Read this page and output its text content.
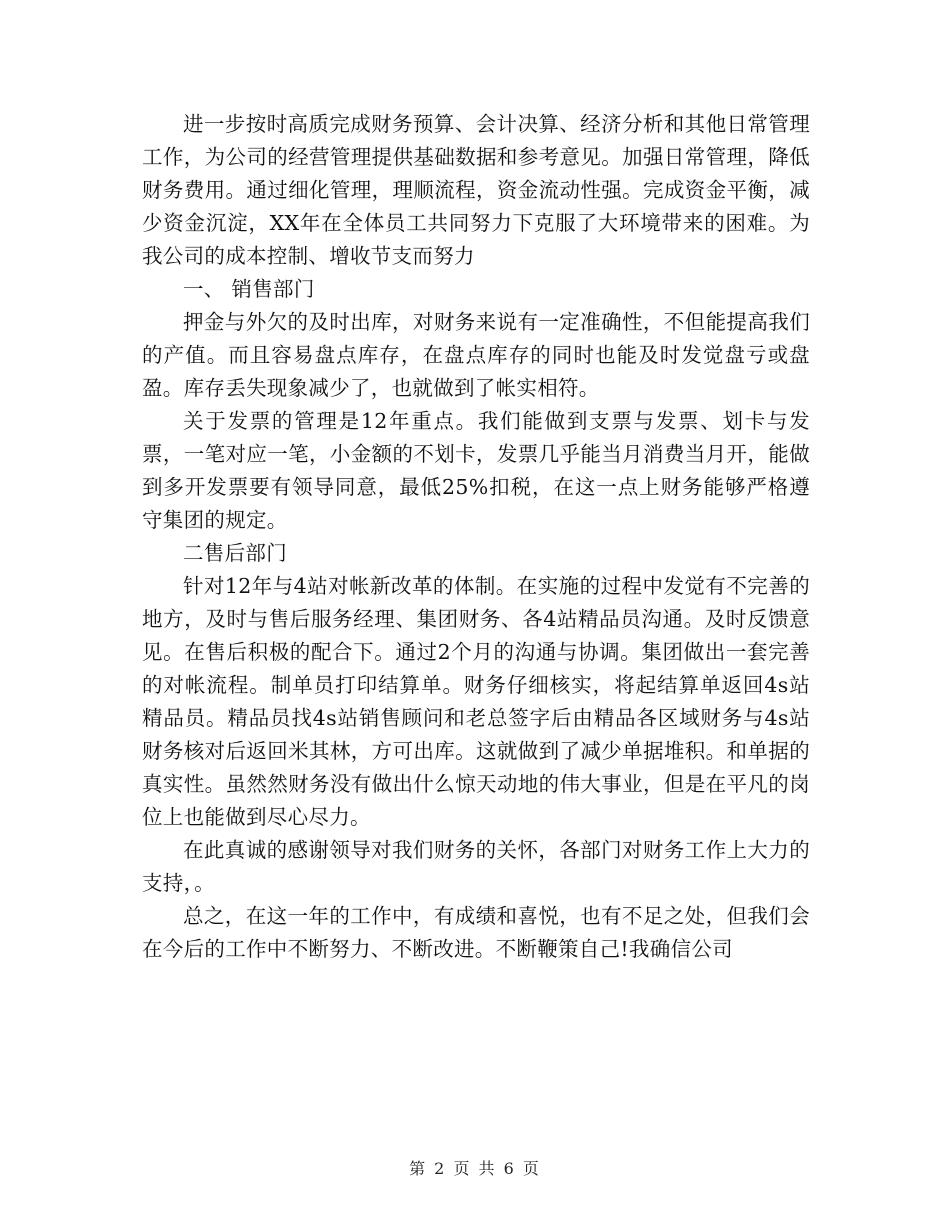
进一步按时高质完成财务预算、会计决算、经济分析和其他日常管理工作，为公司的经营管理提供基础数据和参考意见。加强日常管理，降低财务费用。通过细化管理，理顺流程，资金流动性强。完成资金平衡，减少资金沉淀，XX年在全体员工共同努力下克服了大环境带来的困难。为我公司的成本控制、增收节支而努力

一、 销售部门

押金与外欠的及时出库，对财务来说有一定准确性，不但能提高我们的产值。而且容易盘点库存，在盘点库存的同时也能及时发觉盘亏或盘盈。库存丢失现象减少了，也就做到了帐实相符。

关于发票的管理是12年重点。我们能做到支票与发票、划卡与发票，一笔对应一笔，小金额的不划卡，发票几乎能当月消费当月开，能做到多开发票要有领导同意，最低25%扣税，在这一点上财务能够严格遵守集团的规定。

二售后部门

针对12年与4站对帐新改革的体制。在实施的过程中发觉有不完善的地方，及时与售后服务经理、集团财务、各4站精品员沟通。及时反馈意见。在售后积极的配合下。通过2个月的沟通与协调。集团做出一套完善的对帐流程。制单员打印结算单。财务仔细核实，将起结算单返回4s站精品员。精品员找4s站销售顾问和老总签字后由精品各区域财务与4s站财务核对后返回米其林，方可出库。这就做到了减少单据堆积。和单据的真实性。虽然然财务没有做出什么惊天动地的伟大事业，但是在平凡的岗位上也能做到尽心尽力。

在此真诚的感谢领导对我们财务的关怀，各部门对财务工作上大力的支持，。

总之，在这一年的工作中，有成绩和喜悦，也有不足之处，但我们会在今后的工作中不断努力、不断改进。不断鞭策自己!我确信公司

第 2 页 共 6 页
